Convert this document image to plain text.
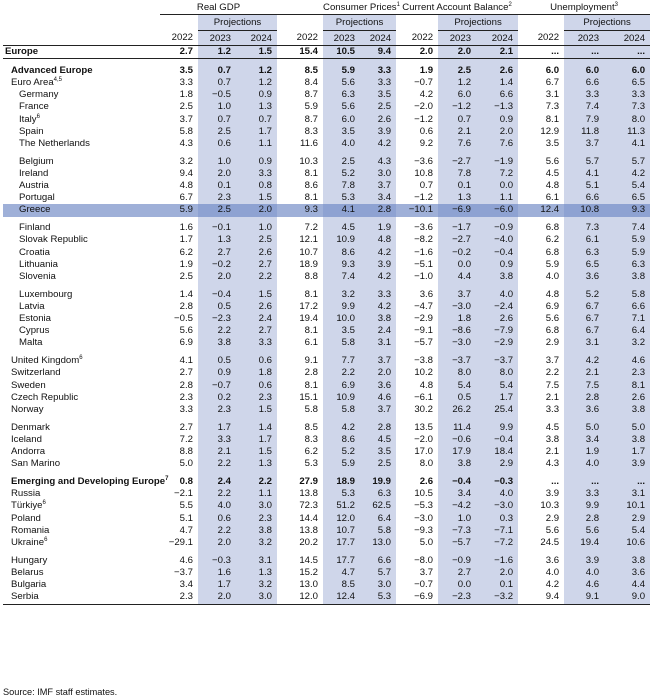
	Real GDP				Consumer Prices$^1$		Current Account Balance$^2$			Unemployment$^3$
		Projections			Projections			Projections			Projections	
	2022	2023	2024	2022	2023	2024	2022	2023	2024	2022	2023	2024
Europe	2.7	1.2	1.5	15.4	10.5	9.4	2.0	2.0	2.1	...	...	...

Advanced Europe	3.5	0.7	1.2	8.5	5.9	3.3	1.9	2.5	2.6	6.0	6.0	6.0
Euro Area$^{4,5}$	3.3	0.7	1.2	8.4	5.6	3.3	−0.7	1.2	1.4	6.7	6.6	6.5
Germany	1.8	−0.5	0.9	8.7	6.3	3.5	4.2	6.0	6.6	3.1	3.3	3.3
France	2.5	1.0	1.3	5.9	5.6	2.5	−2.0	−1.2	−1.3	7.3	7.4	7.3
Italy$^6$	3.7	0.7	0.7	8.7	6.0	2.6	−1.2	0.7	0.9	8.1	7.9	8.0
Spain	5.8	2.5	1.7	8.3	3.5	3.9	0.6	2.1	2.0	12.9	11.8	11.3
The Netherlands	4.3	0.6	1.1	11.6	4.0	4.2	9.2	7.6	7.6	3.5	3.7	4.1

Belgium	3.2	1.0	0.9	10.3	2.5	4.3	−3.6	−2.7	−1.9	5.6	5.7	5.7
Ireland	9.4	2.0	3.3	8.1	5.2	3.0	10.8	7.8	7.2	4.5	4.1	4.2
Austria	4.8	0.1	0.8	8.6	7.8	3.7	0.7	0.1	0.0	4.8	5.1	5.4
Portugal	6.7	2.3	1.5	8.1	5.3	3.4	−1.2	1.3	1.1	6.1	6.6	6.5
Greece	5.9	2.5	2.0	9.3	4.1	2.8	−10.1	−6.9	−6.0	12.4	10.8	9.3

Finland	1.6	−0.1	1.0	7.2	4.5	1.9	−3.6	−1.7	−0.9	6.8	7.3	7.4
Slovak Republic	1.7	1.3	2.5	12.1	10.9	4.8	−8.2	−2.7	−4.0	6.2	6.1	5.9
Croatia	6.2	2.7	2.6	10.7	8.6	4.2	−1.6	−0.2	−0.4	6.8	6.3	5.9
Lithuania	1.9	−0.2	2.7	18.9	9.3	3.9	−5.1	0.0	0.9	5.9	6.5	6.3
Slovenia	2.5	2.0	2.2	8.8	7.4	4.2	−1.0	4.4	3.8	4.0	3.6	3.8

Luxembourg	1.4	−0.4	1.5	8.1	3.2	3.3	3.6	3.7	4.0	4.8	5.2	5.8
Latvia	2.8	0.5	2.6	17.2	9.9	4.2	−4.7	−3.0	−2.4	6.9	6.7	6.6
Estonia	−0.5	−2.3	2.4	19.4	10.0	3.8	−2.9	1.8	2.6	5.6	6.7	7.1
Cyprus	5.6	2.2	2.7	8.1	3.5	2.4	−9.1	−8.6	−7.9	6.8	6.7	6.4
Malta	6.9	3.8	3.3	6.1	5.8	3.1	−5.7	−3.0	−2.9	2.9	3.1	3.2

United Kingdom$^6$	4.1	0.5	0.6	9.1	7.7	3.7	−3.8	−3.7	−3.7	3.7	4.2	4.6
Switzerland	2.7	0.9	1.8	2.8	2.2	2.0	10.2	8.0	8.0	2.2	2.1	2.3
Sweden	2.8	−0.7	0.6	8.1	6.9	3.6	4.8	5.4	5.4	7.5	7.5	8.1
Czech Republic	2.3	0.2	2.3	15.1	10.9	4.6	−6.1	0.5	1.7	2.1	2.8	2.6
Norway	3.3	2.3	1.5	5.8	5.8	3.7	30.2	26.2	25.4	3.3	3.6	3.8

Denmark	2.7	1.7	1.4	8.5	4.2	2.8	13.5	11.4	9.9	4.5	5.0	5.0
Iceland	7.2	3.3	1.7	8.3	8.6	4.5	−2.0	−0.6	−0.4	3.8	3.4	3.8
Andorra	8.8	2.1	1.5	6.2	5.2	3.5	17.0	17.9	18.4	2.1	1.9	1.7
San Marino	5.0	2.2	1.3	5.3	5.9	2.5	8.0	3.8	2.9	4.3	4.0	3.9

Emerging and Developing Europe$^7$	0.8	2.4	2.2	27.9	18.9	19.9	2.6	−0.4	−0.3	...	...	...
Russia	−2.1	2.2	1.1	13.8	5.3	6.3	10.5	3.4	4.0	3.9	3.3	3.1
Türkiye$^6$	5.5	4.0	3.0	72.3	51.2	62.5	−5.3	−4.2	−3.0	10.3	9.9	10.1
Poland	5.1	0.6	2.3	14.4	12.0	6.4	−3.0	1.0	0.3	2.9	2.8	2.9
Romania	4.7	2.2	3.8	13.8	10.7	5.8	−9.3	−7.3	−7.1	5.6	5.6	5.4
Ukraine$^6$	−29.1	2.0	3.2	20.2	17.7	13.0	5.0	−5.7	−7.2	24.5	19.4	10.6

Hungary	4.6	−0.3	3.1	14.5	17.7	6.6	−8.0	−0.9	−1.6	3.6	3.9	3.8
Belarus	−3.7	1.6	1.3	15.2	4.7	5.7	3.7	2.7	2.0	4.0	4.0	3.6
Bulgaria	3.4	1.7	3.2	13.0	8.5	3.0	−0.7	0.0	0.1	4.2	4.6	4.4
Serbia	2.3	2.0	3.0	12.0	12.4	5.3	−6.9	−2.3	−3.2	9.4	9.1	9.0
Source: IMF staff estimates.
